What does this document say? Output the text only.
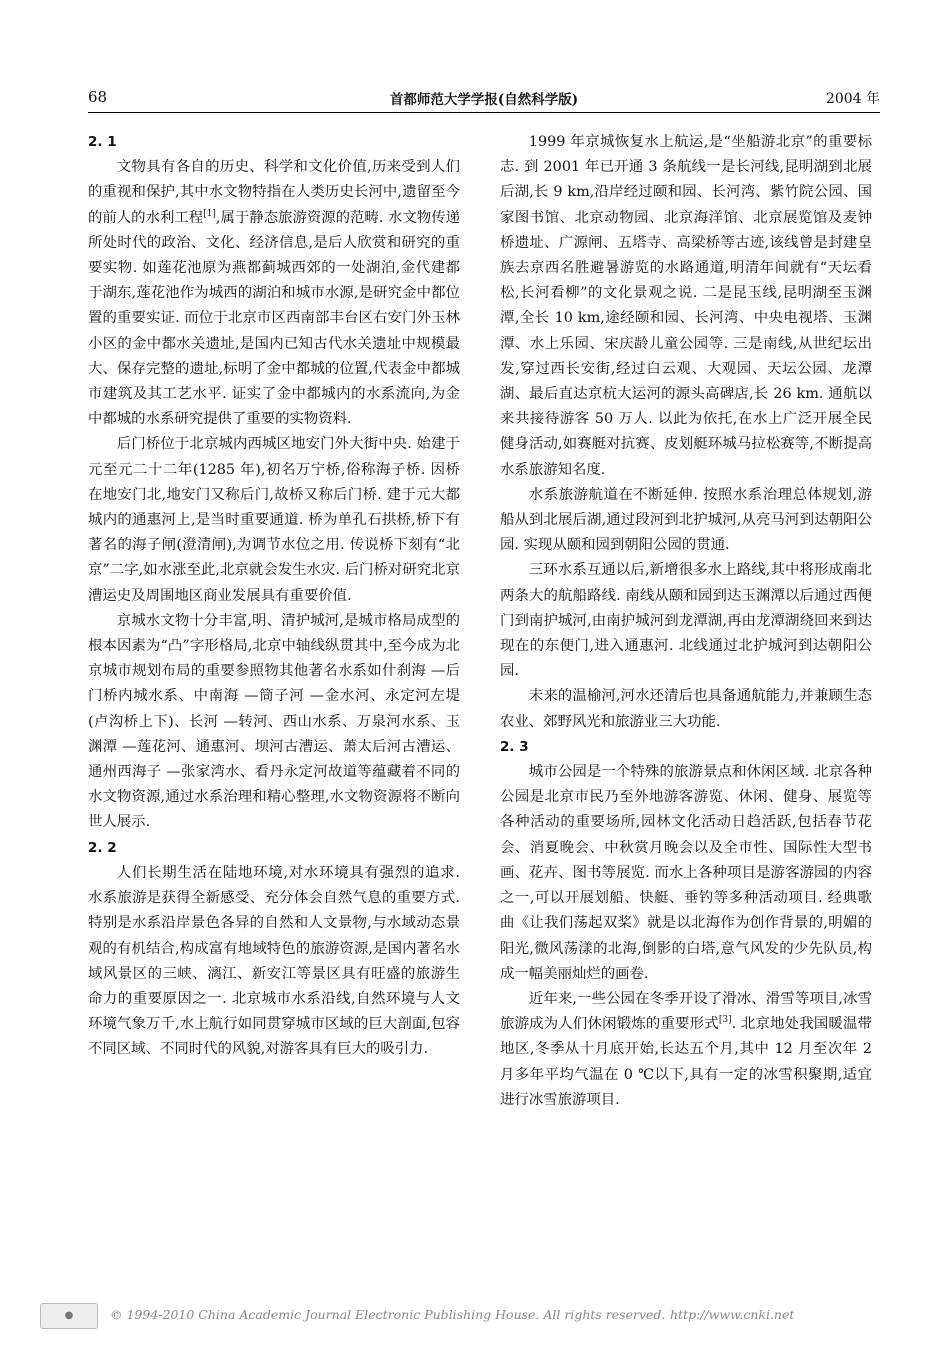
68	首都师范大学学报(自然科学版)	2004 年

2. 1

文物具有各自的历史、科学和文化价值,历来受到人们的重视和保护,其中水文物特指在人类历史长河中,遗留至今的前人的水利工程[1],属于静态旅游资源的范畴. 水文物传递所处时代的政治、文化、经济信息,是后人欣赏和研究的重要实物. 如莲花池原为燕都蓟城西郊的一处湖泊,金代建都于湖东,莲花池作为城西的湖泊和城市水源,是研究金中都位置的重要实证. 而位于北京市区西南部丰台区右安门外玉林小区的金中都水关遗址,是国内已知古代水关遗址中规模最大、保存完整的遗址,标明了金中都城的位置,代表金中都城市建筑及其工艺水平. 证实了金中都城内的水系流向,为金中都城的水系研究提供了重要的实物资料.

后门桥位于北京城内西城区地安门外大街中央. 始建于元至元二十二年(1285 年),初名万宁桥,俗称海子桥. 因桥在地安门北,地安门又称后门,故桥又称后门桥. 建于元大都城内的通惠河上,是当时重要通道. 桥为单孔石拱桥,桥下有著名的海子闸(澄清闸),为调节水位之用. 传说桥下刻有“北京”二字,如水涨至此,北京就会发生水灾. 后门桥对研究北京漕运史及周围地区商业发展具有重要价值.

京城水文物十分丰富,明、清护城河,是城市格局成型的根本因素为“凸”字形格局,北京中轴线纵贯其中,至今成为北京城市规划布局的重要参照物其他著名水系如什刹海 —后门桥内城水系、中南海 —筒子河 —金水河、永定河左堤(卢沟桥上下)、长河 —转河、西山水系、万泉河水系、玉渊潭 —莲花河、通惠河、坝河古漕运、萧太后河古漕运、通州西海子 —张家湾水、看丹永定河故道等蕴藏着不同的水文物资源,通过水系治理和精心整理,水文物资源将不断向世人展示.

2. 2

人们长期生活在陆地环境,对水环境具有强烈的追求. 水系旅游是获得全新感受、充分体会自然气息的重要方式. 特别是水系沿岸景色各异的自然和人文景物,与水域动态景观的有机结合,构成富有地域特色的旅游资源,是国内著名水域风景区的三峡、漓江、新安江等景区具有旺盛的旅游生命力的重要原因之一. 北京城市水系沿线,自然环境与人文环境气象万千,水上航行如同贯穿城市区域的巨大剖面,包容不同区域、不同时代的风貌,对游客具有巨大的吸引力.

1999 年京城恢复水上航运,是“坐船游北京”的重要标志. 到 2001 年已开通 3 条航线一是长河线,昆明湖到北展后湖,长 9 km,沿岸经过颐和园、长河湾、紫竹院公园、国家图书馆、北京动物园、北京海洋馆、北京展览馆及麦钟桥遗址、广源闸、五塔寺、高梁桥等古迹,该线曾是封建皇族去京西名胜避暑游览的水路通道,明清年间就有“天坛看松,长河看柳”的文化景观之说. 二是昆玉线,昆明湖至玉渊潭,全长 10 km,途经颐和园、长河湾、中央电视塔、玉渊潭、水上乐园、宋庆龄儿童公园等. 三是南线,从世纪坛出发,穿过西长安街,经过白云观、大观园、天坛公园、龙潭湖、最后直达京杭大运河的源头高碑店,长 26 km. 通航以来共接待游客 50 万人. 以此为依托,在水上广泛开展全民健身活动,如赛艇对抗赛、皮划艇环城马拉松赛等,不断提高水系旅游知名度.

水系旅游航道在不断延伸. 按照水系治理总体规划,游船从到北展后湖,通过段河到北护城河,从亮马河到达朝阳公园. 实现从颐和园到朝阳公园的贯通.

三环水系互通以后,新增很多水上路线,其中将形成南北两条大的航船路线. 南线从颐和园到达玉渊潭以后通过西便门到南护城河,由南护城河到龙潭湖,再由龙潭湖绕回来到达现在的东便门,进入通惠河. 北线通过北护城河到达朝阳公园.

未来的温榆河,河水还清后也具备通航能力,并兼顾生态农业、郊野风光和旅游业三大功能.

2. 3

城市公园是一个特殊的旅游景点和休闲区域. 北京各种公园是北京市民乃至外地游客游览、休闲、健身、展览等各种活动的重要场所,园林文化活动日趋活跃,包括春节花会、消夏晚会、中秋赏月晚会以及全市性、国际性大型书画、花卉、图书等展览. 而水上各种项目是游客游园的内容之一,可以开展划船、快艇、垂钓等多种活动项目. 经典歌曲《让我们荡起双桨》就是以北海作为创作背景的,明媚的阳光,微风荡漾的北海,倒影的白塔,意气风发的少先队员,构成一幅美丽灿烂的画卷.

近年来,一些公园在冬季开设了滑冰、滑雪等项目,冰雪旅游成为人们休闲锻炼的重要形式[3]. 北京地处我国暖温带地区,冬季从十月底开始,长达五个月,其中 12 月至次年 2 月多年平均气温在 0 ℃以下,具有一定的冰雪积聚期,适宜进行冰雪旅游项目.

●	© 1994-2010 China Academic Journal Electronic Publishing House. All rights reserved. http://www.cnki.net
